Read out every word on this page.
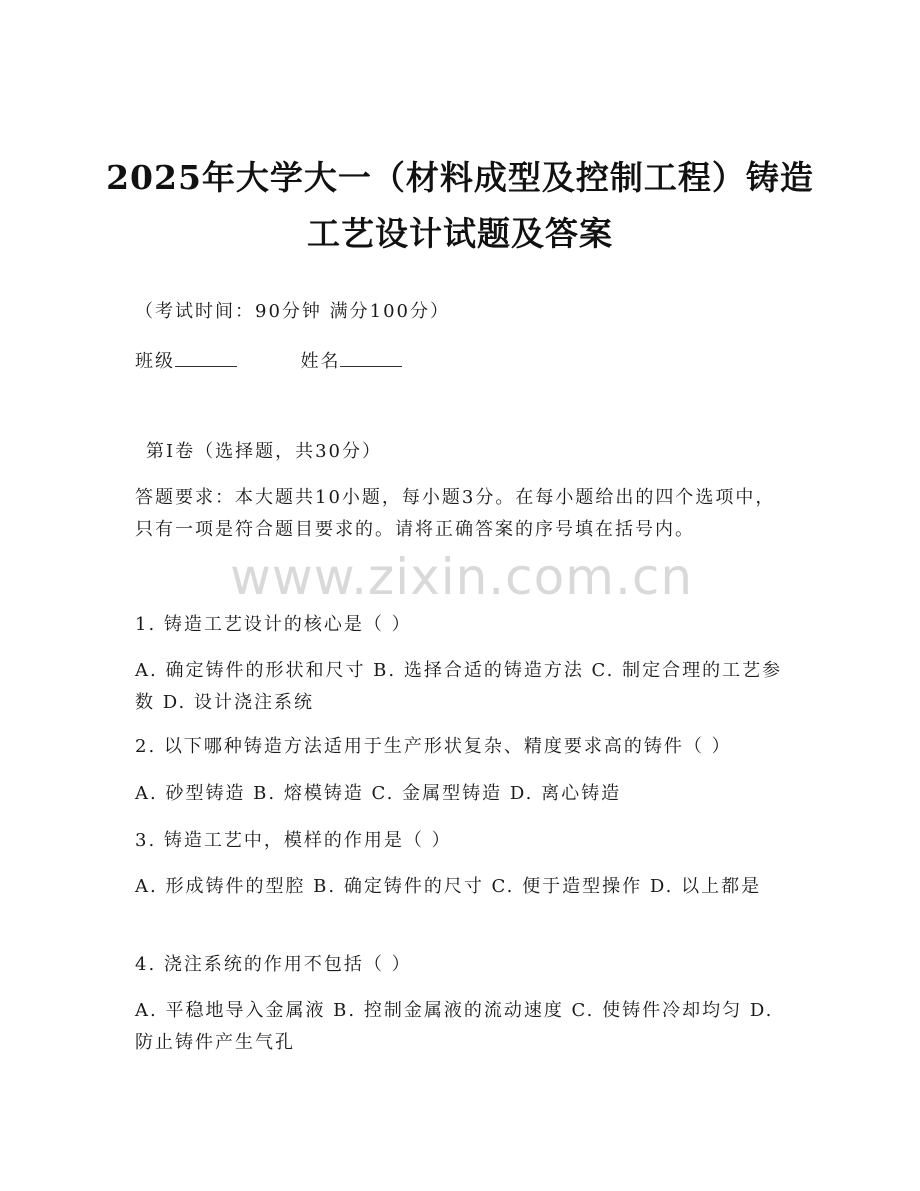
2025年大学大一（材料成型及控制工程）铸造工艺设计试题及答案
（考试时间：90分钟 满分100分）
班级	姓名
第I卷（选择题，共30分）
答题要求：本大题共10小题，每小题3分。在每小题给出的四个选项中，只有一项是符合题目要求的。请将正确答案的序号填在括号内。
www.zixin.com.cn
1. 铸造工艺设计的核心是（ ）
A. 确定铸件的形状和尺寸 B. 选择合适的铸造方法 C. 制定合理的工艺参数 D. 设计浇注系统
2. 以下哪种铸造方法适用于生产形状复杂、精度要求高的铸件（ ）
A. 砂型铸造 B. 熔模铸造 C. 金属型铸造 D. 离心铸造
3. 铸造工艺中，模样的作用是（ ）
A. 形成铸件的型腔 B. 确定铸件的尺寸 C. 便于造型操作 D. 以上都是
4. 浇注系统的作用不包括（ ）
A. 平稳地导入金属液 B. 控制金属液的流动速度 C. 使铸件冷却均匀 D. 防止铸件产生气孔
